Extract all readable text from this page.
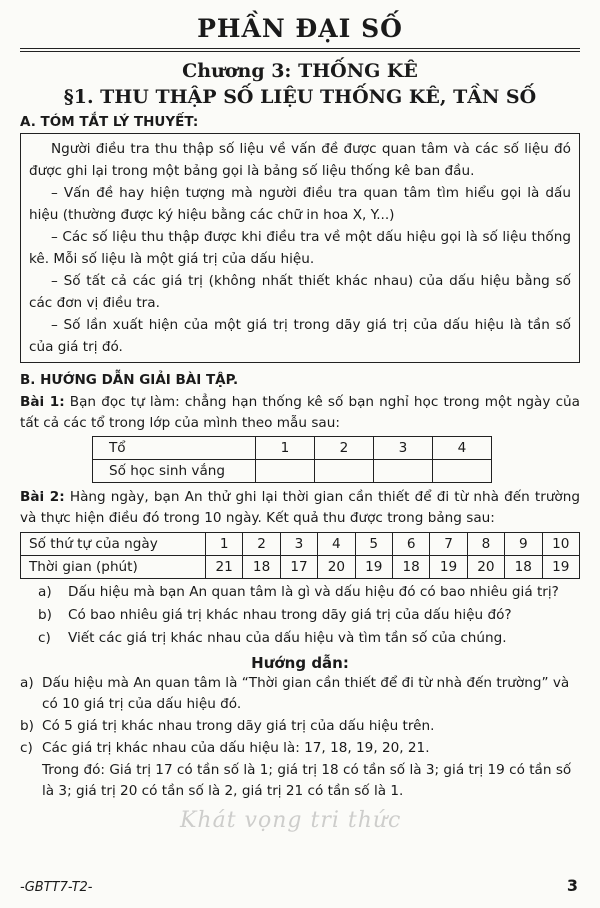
PHẦN ĐẠI SỐ
Chương 3: THỐNG KÊ
§1. THU THẬP SỐ LIỆU THỐNG KÊ, TẦN SỐ
A. TÓM TẮT LÝ THUYẾT:

Người điều tra thu thập số liệu về vấn đề được quan tâm và các số liệu đó được ghi lại trong một bảng gọi là bảng số liệu thống kê ban đầu.

– Vấn đề hay hiện tượng mà người điều tra quan tâm tìm hiểu gọi là dấu hiệu (thường được ký hiệu bằng các chữ in hoa X, Y...)

– Các số liệu thu thập được khi điều tra về một dấu hiệu gọi là số liệu thống kê. Mỗi số liệu là một giá trị của dấu hiệu.

– Số tất cả các giá trị (không nhất thiết khác nhau) của dấu hiệu bằng số các đơn vị điều tra.

– Số lần xuất hiện của một giá trị trong dãy giá trị của dấu hiệu là tần số của giá trị đó.

B. HƯỚNG DẪN GIẢI BÀI TẬP.
Bài 1: Bạn đọc tự làm: chẳng hạn thống kê số bạn nghỉ học trong một ngày của tất cả các tổ trong lớp của mình theo mẫu sau:
Tổ	1	2	3	4
Số học sinh vắng				
Bài 2: Hàng ngày, bạn An thử ghi lại thời gian cần thiết để đi từ nhà đến trường và thực hiện điều đó trong 10 ngày. Kết quả thu được trong bảng sau:
Số thứ tự của ngày	1	2	3	4	5	6	7	8	9	10
Thời gian (phút)	21	18	17	20	19	18	19	20	18	19
a)	Dấu hiệu mà bạn An quan tâm là gì và dấu hiệu đó có bao nhiêu giá trị?
b)	Có bao nhiêu giá trị khác nhau trong dãy giá trị của dấu hiệu đó?
c)	Viết các giá trị khác nhau của dấu hiệu và tìm tần số của chúng.
Hướng dẫn:
a) Dấu hiệu mà An quan tâm là “Thời gian cần thiết để đi từ nhà đến trường” và có 10 giá trị của dấu hiệu đó.
b) Có 5 giá trị khác nhau trong dãy giá trị của dấu hiệu trên.
c) Các giá trị khác nhau của dấu hiệu là: 17, 18, 19, 20, 21.
Trong đó: Giá trị 17 có tần số là 1; giá trị 18 có tần số là 3; giá trị 19 có tần số là 3; giá trị 20 có tần số là 2, giá trị 21 có tần số là 1.
Khát vọng tri thức
-GBTT7-T2-	3
